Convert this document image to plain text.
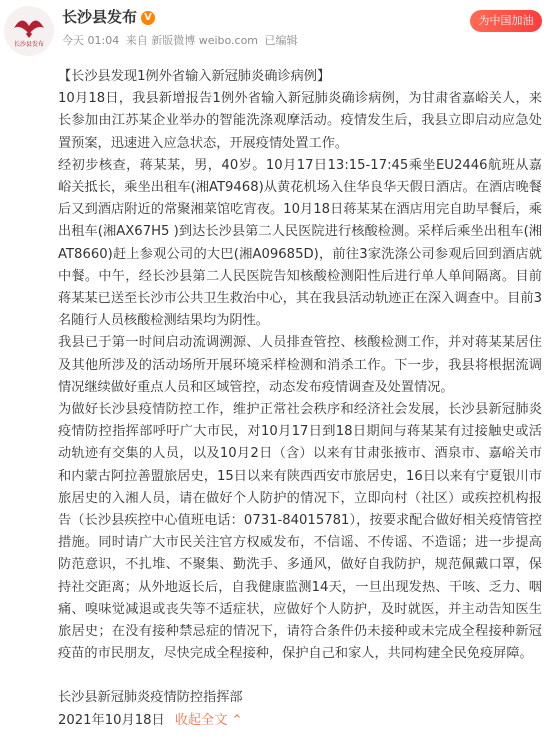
长沙县发布
长沙县发布 V
今天 01:04 来自 新版微博 weibo.com 已编辑
为中国加油

【长沙县发现1例外省输入新冠肺炎确诊病例】

10月18日，我县新增报告1例外省输入新冠肺炎确诊病例，为甘肃省嘉峪关人，来长参加由江苏某企业举办的智能洗涤观摩活动。疫情发生后，我县立即启动应急处置预案，迅速进入应急状态，开展疫情处置工作。

经初步核查，蒋某某，男，40岁。10月17日13:15-17:45乘坐EU2446航班从嘉峪关抵长，乘坐出租车(湘AT9468)从黄花机场入住华良华天假日酒店。在酒店晚餐后又到酒店附近的常聚湘菜馆吃宵夜。10月18日蒋某某在酒店用完自助早餐后，乘出租车(湘AX67H5 )到达长沙县第二人民医院进行核酸检测。采样后乘坐出租车(湘AT8660)赶上参观公司的大巴(湘A09685D)，前往3家洗涤公司参观后回到酒店就中餐。中午，经长沙县第二人民医院告知核酸检测阳性后进行单人单间隔离。目前蒋某某已送至长沙市公共卫生救治中心，其在我县活动轨迹正在深入调查中。目前3名随行人员核酸检测结果均为阴性。

我县已于第一时间启动流调溯源、人员排查管控、核酸检测工作，并对蒋某某居住及其他所涉及的活动场所开展环境采样检测和消杀工作。下一步，我县将根据流调情况继续做好重点人员和区域管控，动态发布疫情调查及处置情况。

为做好长沙县疫情防控工作，维护正常社会秩序和经济社会发展，长沙县新冠肺炎疫情防控指挥部呼吁广大市民，对10月17日到18日期间与蒋某某有过接触史或活动轨迹有交集的人员，以及10月2日（含）以来有甘肃张掖市、酒泉市、嘉峪关市和内蒙古阿拉善盟旅居史，15日以来有陕西西安市旅居史，16日以来有宁夏银川市旅居史的入湘人员，请在做好个人防护的情况下，立即向村（社区）或疾控机构报告（长沙县疾控中心值班电话：0731-84015781），按要求配合做好相关疫情管控措施。同时请广大市民关注官方权威发布，不信谣、不传谣、不造谣；进一步提高防范意识，不扎堆、不聚集、勤洗手、多通风，做好自我防护，规范佩戴口罩，保持社交距离；从外地返长后，自我健康监测14天，一旦出现发热、干咳、乏力、咽痛、嗅味觉减退或丧失等不适症状，应做好个人防护，及时就医，并主动告知医生旅居史；在没有接种禁忌症的情况下，请符合条件仍未接种或未完成全程接种新冠疫苗的市民朋友，尽快完成全程接种，保护自己和家人，共同构建全民免疫屏障。

长沙县新冠肺炎疫情防控指挥部

2021年10月18日 收起全文 ⌃
